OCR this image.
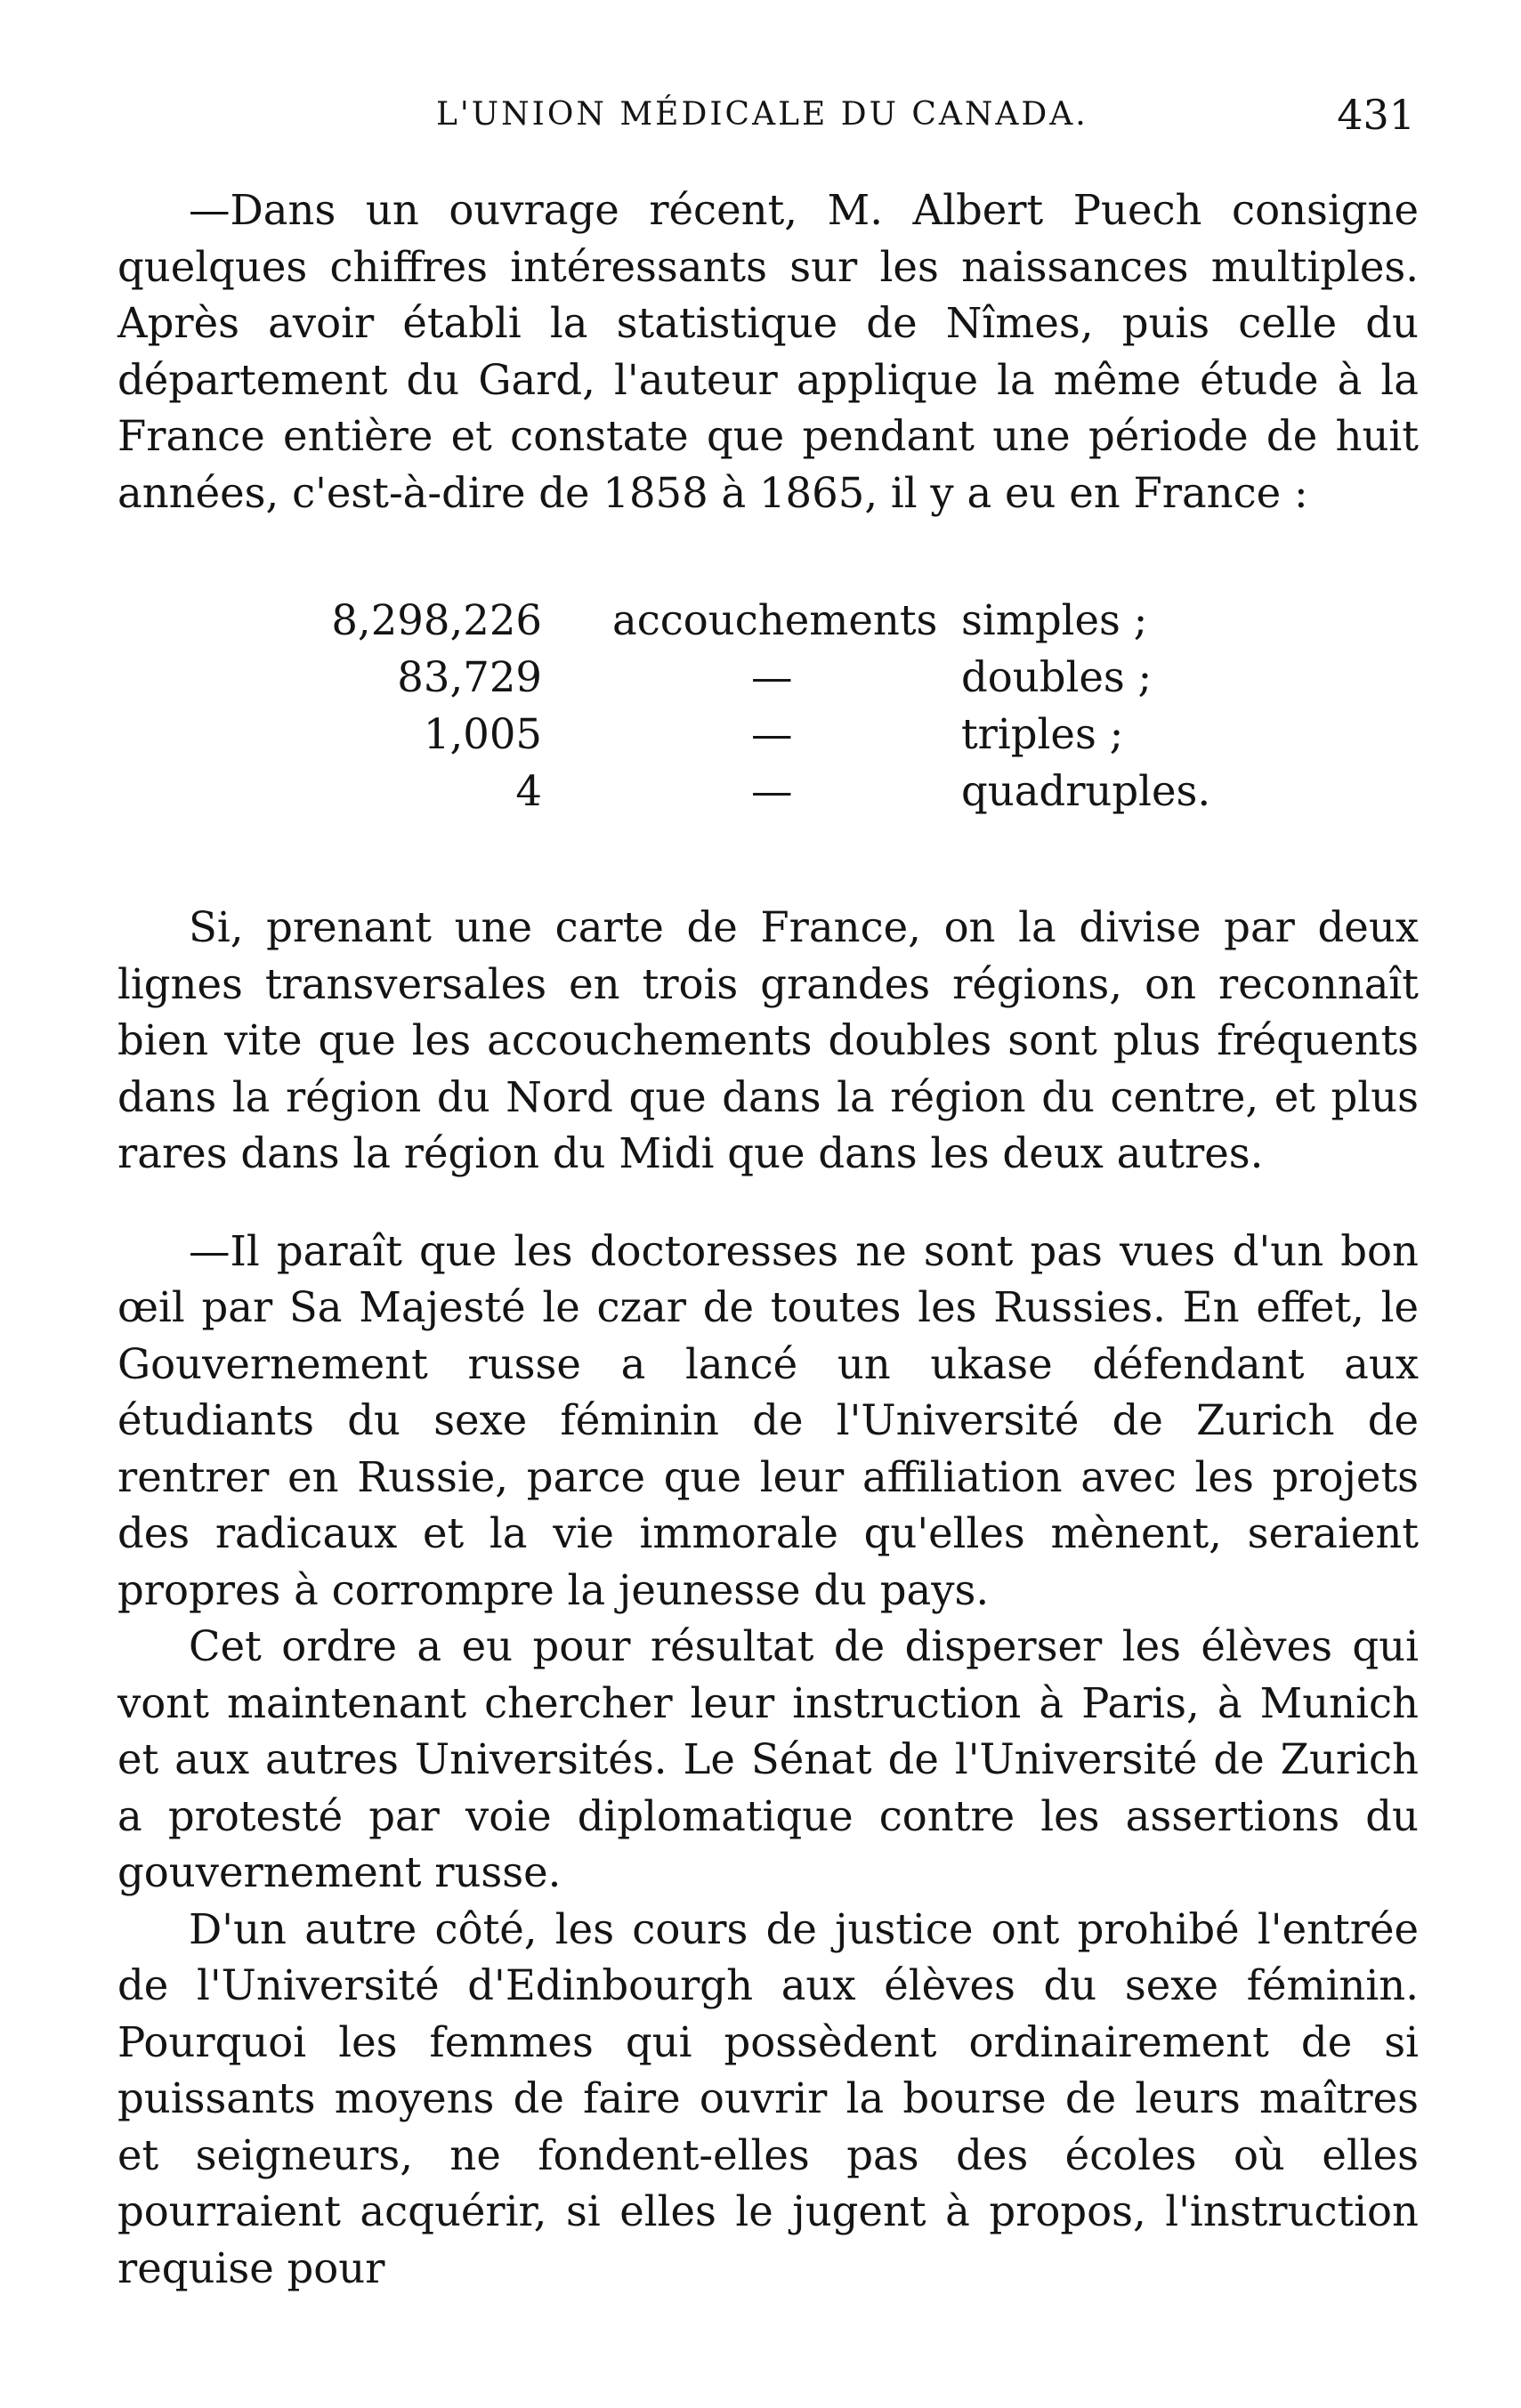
L'UNION MÉDICALE DU CANADA.	431

—Dans un ouvrage récent, M. Albert Puech consigne quelques chiffres intéressants sur les naissances multiples. Après avoir établi la statistique de Nîmes, puis celle du département du Gard, l'auteur applique la même étude à la France entière et constate que pendant une période de huit années, c'est-à-dire de 1858 à 1865, il y a eu en France :

8,298,226 accouchements simples ;
83,729	—	doubles ;
1,005	—	triples ;
4	—	quadruples.

Si, prenant une carte de France, on la divise par deux lignes transversales en trois grandes régions, on reconnaît bien vite que les accouchements doubles sont plus fréquents dans la région du Nord que dans la région du centre, et plus rares dans la région du Midi que dans les deux autres.

—Il paraît que les doctoresses ne sont pas vues d'un bon œil par Sa Majesté le czar de toutes les Russies. En effet, le Gouvernement russe a lancé un ukase défendant aux étudiants du sexe féminin de l'Université de Zurich de rentrer en Russie, parce que leur affiliation avec les projets des radicaux et la vie immorale qu'elles mènent, seraient propres à corrompre la jeunesse du pays.

Cet ordre a eu pour résultat de disperser les élèves qui vont maintenant chercher leur instruction à Paris, à Munich et aux autres Universités. Le Sénat de l'Université de Zurich a protesté par voie diplomatique contre les assertions du gouvernement russe.

D'un autre côté, les cours de justice ont prohibé l'entrée de l'Université d'Edinbourgh aux élèves du sexe féminin. Pourquoi les femmes qui possèdent ordinairement de si puissants moyens de faire ouvrir la bourse de leurs maîtres et seigneurs, ne fondent-elles pas des écoles où elles pourraient acquérir, si elles le jugent à propos, l'instruction requise pour
